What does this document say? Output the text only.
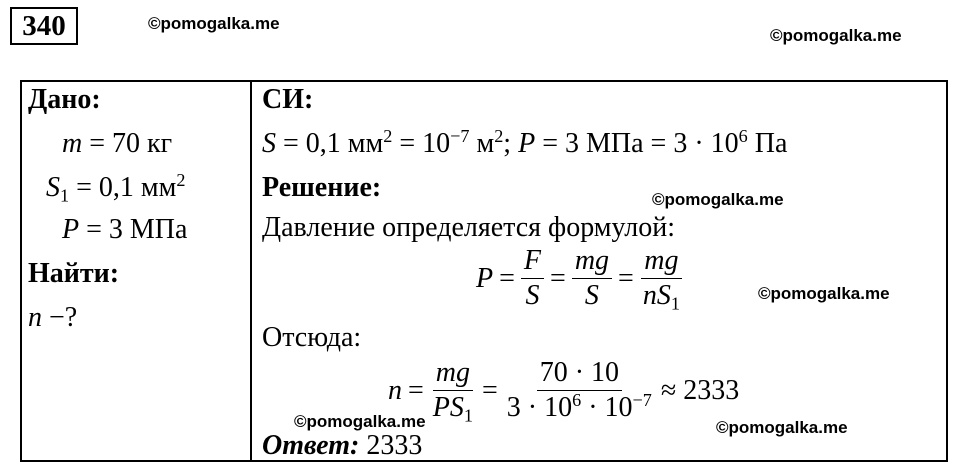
340	©pomogalka.me
©pomogalka.me
Дано:
m = 70 кг
$S_1 = 0,1$ $мм^2$
P = 3 МПа
Найти:
n −?
СИ:
S = 0,1 $мм^2 = 10^{-7}$ $м^2$; P = 3 МПа = $3 \cdot 10^6$ Па
Решение:	©pomogalka.me
Давление определяется формулой:
$P = \frac{F}{S} = \frac{mg}{S} = \frac{mg}{nS_1}$	©pomogalka.me
Отсюда:
$n = \frac{mg}{PS_1} = \frac{70 \cdot 10}{3 \cdot 10^6 \cdot 10^{-7}} \approx 2333$
©pomogalka.me	©pomogalka.me
Ответ: 2333
